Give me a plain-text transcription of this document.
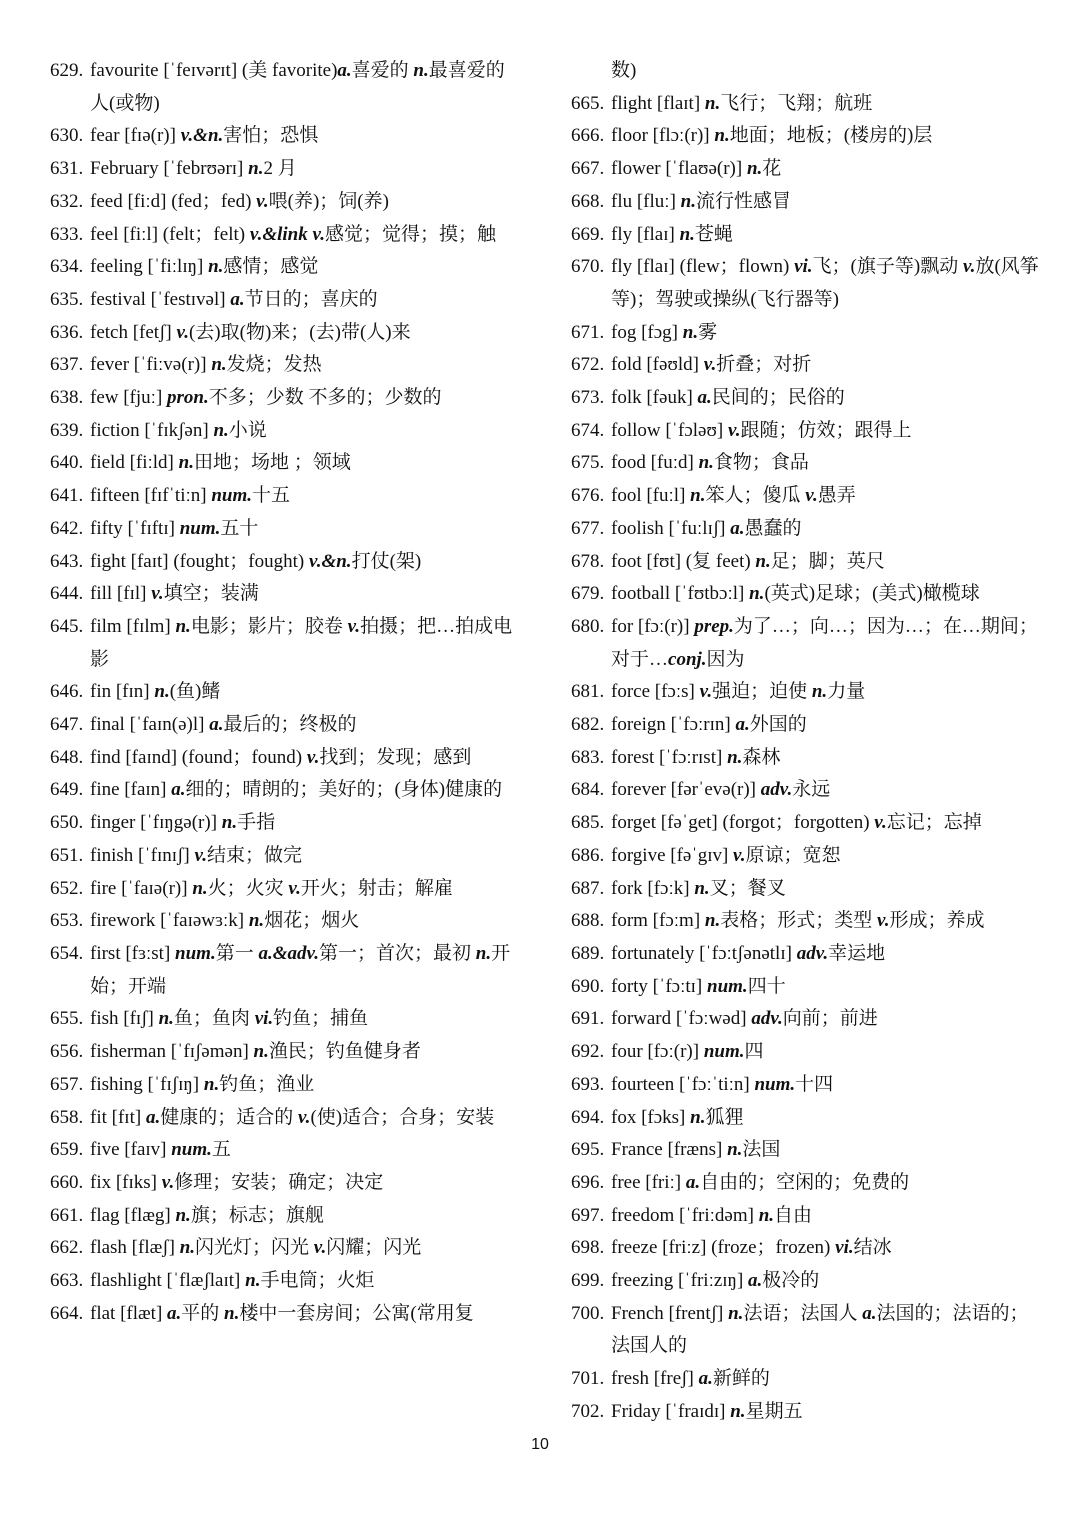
629. favourite [ˈfeɪvərɪt] (美 favorite)a.喜爱的 n.最喜爱的人(或物)
630. fear [fɪə(r)] v.&n.害怕；恐惧
631. February [ˈfebrʊərɪ] n.2 月
632. feed [fiːd] (fed；fed) v.喂(养)；饲(养)
633. feel [fiːl] (felt；felt) v.&link v.感觉；觉得；摸；触
634. feeling [ˈfiːlɪŋ] n.感情；感觉
635. festival [ˈfestɪvəl] a.节日的；喜庆的
636. fetch [fetʃ] v.(去)取(物)来；(去)带(人)来
637. fever [ˈfiːvə(r)] n.发烧；发热
638. few [fjuː] pron.不多；少数 不多的；少数的
639. fiction [ˈfɪkʃən] n.小说
640. field [fiːld] n.田地；场地 ；领域
641. fifteen [fɪfˈtiːn] num.十五
642. fifty [ˈfɪftɪ] num.五十
643. fight [faɪt] (fought；fought) v.&n.打仗(架)
644. fill [fɪl] v.填空；装满
645. film [fɪlm] n.电影；影片；胶卷 v.拍摄；把…拍成电影
646. fin [fɪn] n.(鱼)鳍
647. final [ˈfaɪn(ə)l] a.最后的；终极的
648. find [faɪnd] (found；found) v.找到；发现；感到
649. fine [faɪn] a.细的；晴朗的；美好的；(身体)健康的
650. finger [ˈfɪŋgə(r)] n.手指
651. finish [ˈfɪnɪʃ] v.结束；做完
652. fire [ˈfaɪə(r)] n.火；火灾 v.开火；射击；解雇
653. firework [ˈfaɪəwɜːk] n.烟花；烟火
654. first [fɜːst] num.第一 a.&adv.第一；首次；最初 n.开始；开端
655. fish [fɪʃ] n.鱼；鱼肉 vi.钓鱼；捕鱼
656. fisherman [ˈfɪʃəmən] n.渔民；钓鱼健身者
657. fishing [ˈfɪʃɪŋ] n.钓鱼；渔业
658. fit [fɪt] a.健康的；适合的 v.(使)适合；合身；安装
659. five [faɪv] num.五
660. fix [fɪks] v.修理；安装；确定；决定
661. flag [flæg] n.旗；标志；旗舰
662. flash [flæʃ] n.闪光灯；闪光 v.闪耀；闪光
663. flashlight [ˈflæʃlaɪt] n.手电筒；火炬
664. flat [flæt] a.平的 n.楼中一套房间；公寓(常用复
数)
665. flight [flaɪt] n.飞行；飞翔；航班
666. floor [flɔː(r)] n.地面；地板；(楼房的)层
667. flower [ˈflaʊə(r)] n.花
668. flu [fluː] n.流行性感冒
669. fly [flaɪ] n.苍蝇
670. fly [flaɪ] (flew；flown) vi.飞；(旗子等)飘动 v.放(风筝等)；驾驶或操纵(飞行器等)
671. fog [fɔg] n.雾
672. fold [fəʊld] v.折叠；对折
673. folk [fəuk] a.民间的；民俗的
674. follow [ˈfɔləʊ] v.跟随；仿效；跟得上
675. food [fuːd] n.食物；食品
676. fool [fuːl] n.笨人；傻瓜 v.愚弄
677. foolish [ˈfuːlɪʃ] a.愚蠢的
678. foot [fʊt] (复 feet) n.足；脚；英尺
679. football [ˈfʊtbɔːl] n.(英式)足球；(美式)橄榄球
680. for [fɔː(r)] prep.为了…；向…；因为…；在…期间；对于…conj.因为
681. force [fɔːs] v.强迫；迫使 n.力量
682. foreign [ˈfɔːrɪn] a.外国的
683. forest [ˈfɔːrɪst] n.森林
684. forever [fərˈevə(r)] adv.永远
685. forget [fəˈget] (forgot；forgotten) v.忘记；忘掉
686. forgive [fəˈgɪv] v.原谅；宽恕
687. fork [fɔːk] n.叉；餐叉
688. form [fɔːm] n.表格；形式；类型 v.形成；养成
689. fortunately [ˈfɔːtʃənətlɪ] adv.幸运地
690. forty [ˈfɔːtɪ] num.四十
691. forward [ˈfɔːwəd] adv.向前；前进
692. four [fɔː(r)] num.四
693. fourteen [ˈfɔːˈtiːn] num.十四
694. fox [fɔks] n.狐狸
695. France [fræns] n.法国
696. free [friː] a.自由的；空闲的；免费的
697. freedom [ˈfriːdəm] n.自由
698. freeze [friːz] (froze；frozen) vi.结冰
699. freezing [ˈfriːzɪŋ] a.极冷的
700. French [frentʃ] n.法语；法国人 a.法国的；法语的；法国人的
701. fresh [freʃ] a.新鲜的
702. Friday [ˈfraɪdɪ] n.星期五
10
